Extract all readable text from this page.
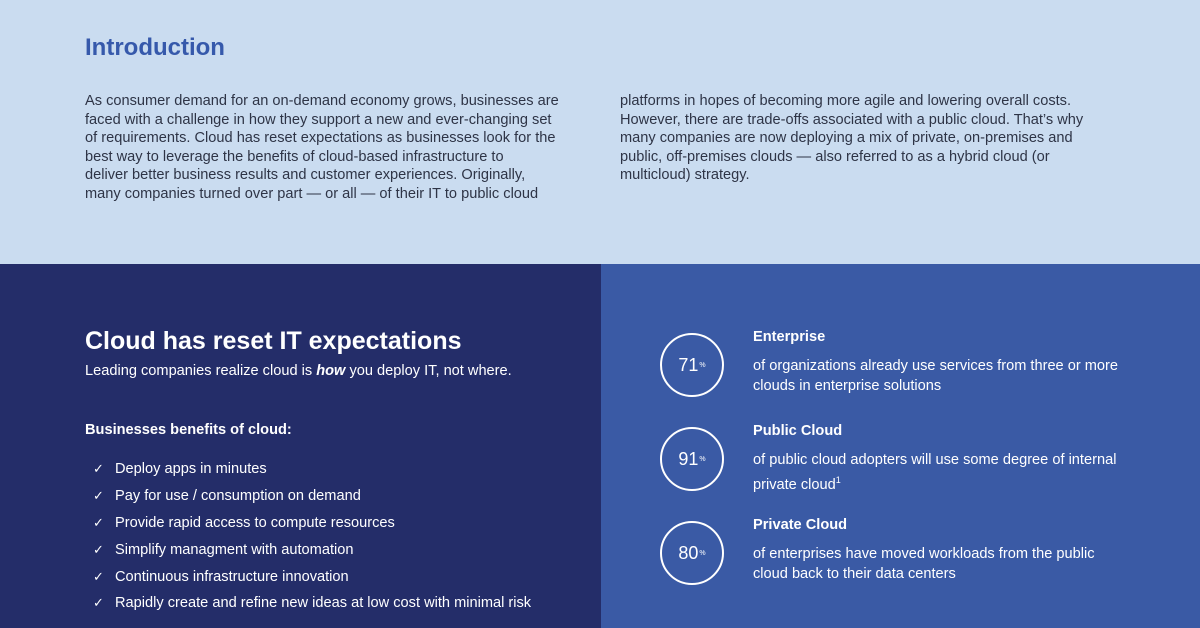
Introduction
As consumer demand for an on-demand economy grows, businesses are
faced with a challenge in how they support a new and ever-changing set
of requirements. Cloud has reset expectations as businesses look for the
best way to leverage the benefits of cloud-based infrastructure to
deliver better business results and customer experiences. Originally,
many companies turned over part — or all — of their IT to public cloud
platforms in hopes of becoming more agile and lowering overall costs.
However, there are trade-offs associated with a public cloud. That’s why
many companies are now deploying a mix of private, on-premises and
public, off-premises clouds — also referred to as a hybrid cloud (or
multicloud) strategy.
Cloud has reset IT expectations

Leading companies realize cloud is how you deploy IT, not where.

Businesses benefits of cloud:
✓ Deploy apps in minutes
✓ Pay for use / consumption on demand
✓ Provide rapid access to compute resources
✓ Simplify managment with automation
✓ Continuous infrastructure innovation
✓ Rapidly create and refine new ideas at low cost with minimal risk
71 %
Enterprise
of organizations already use services from three or more clouds in enterprise solutions
91 %
Public Cloud
of public cloud adopters will use some degree of internal private cloud$^1$
80 %
Private Cloud
of enterprises have moved workloads from the public cloud back to their data centers
